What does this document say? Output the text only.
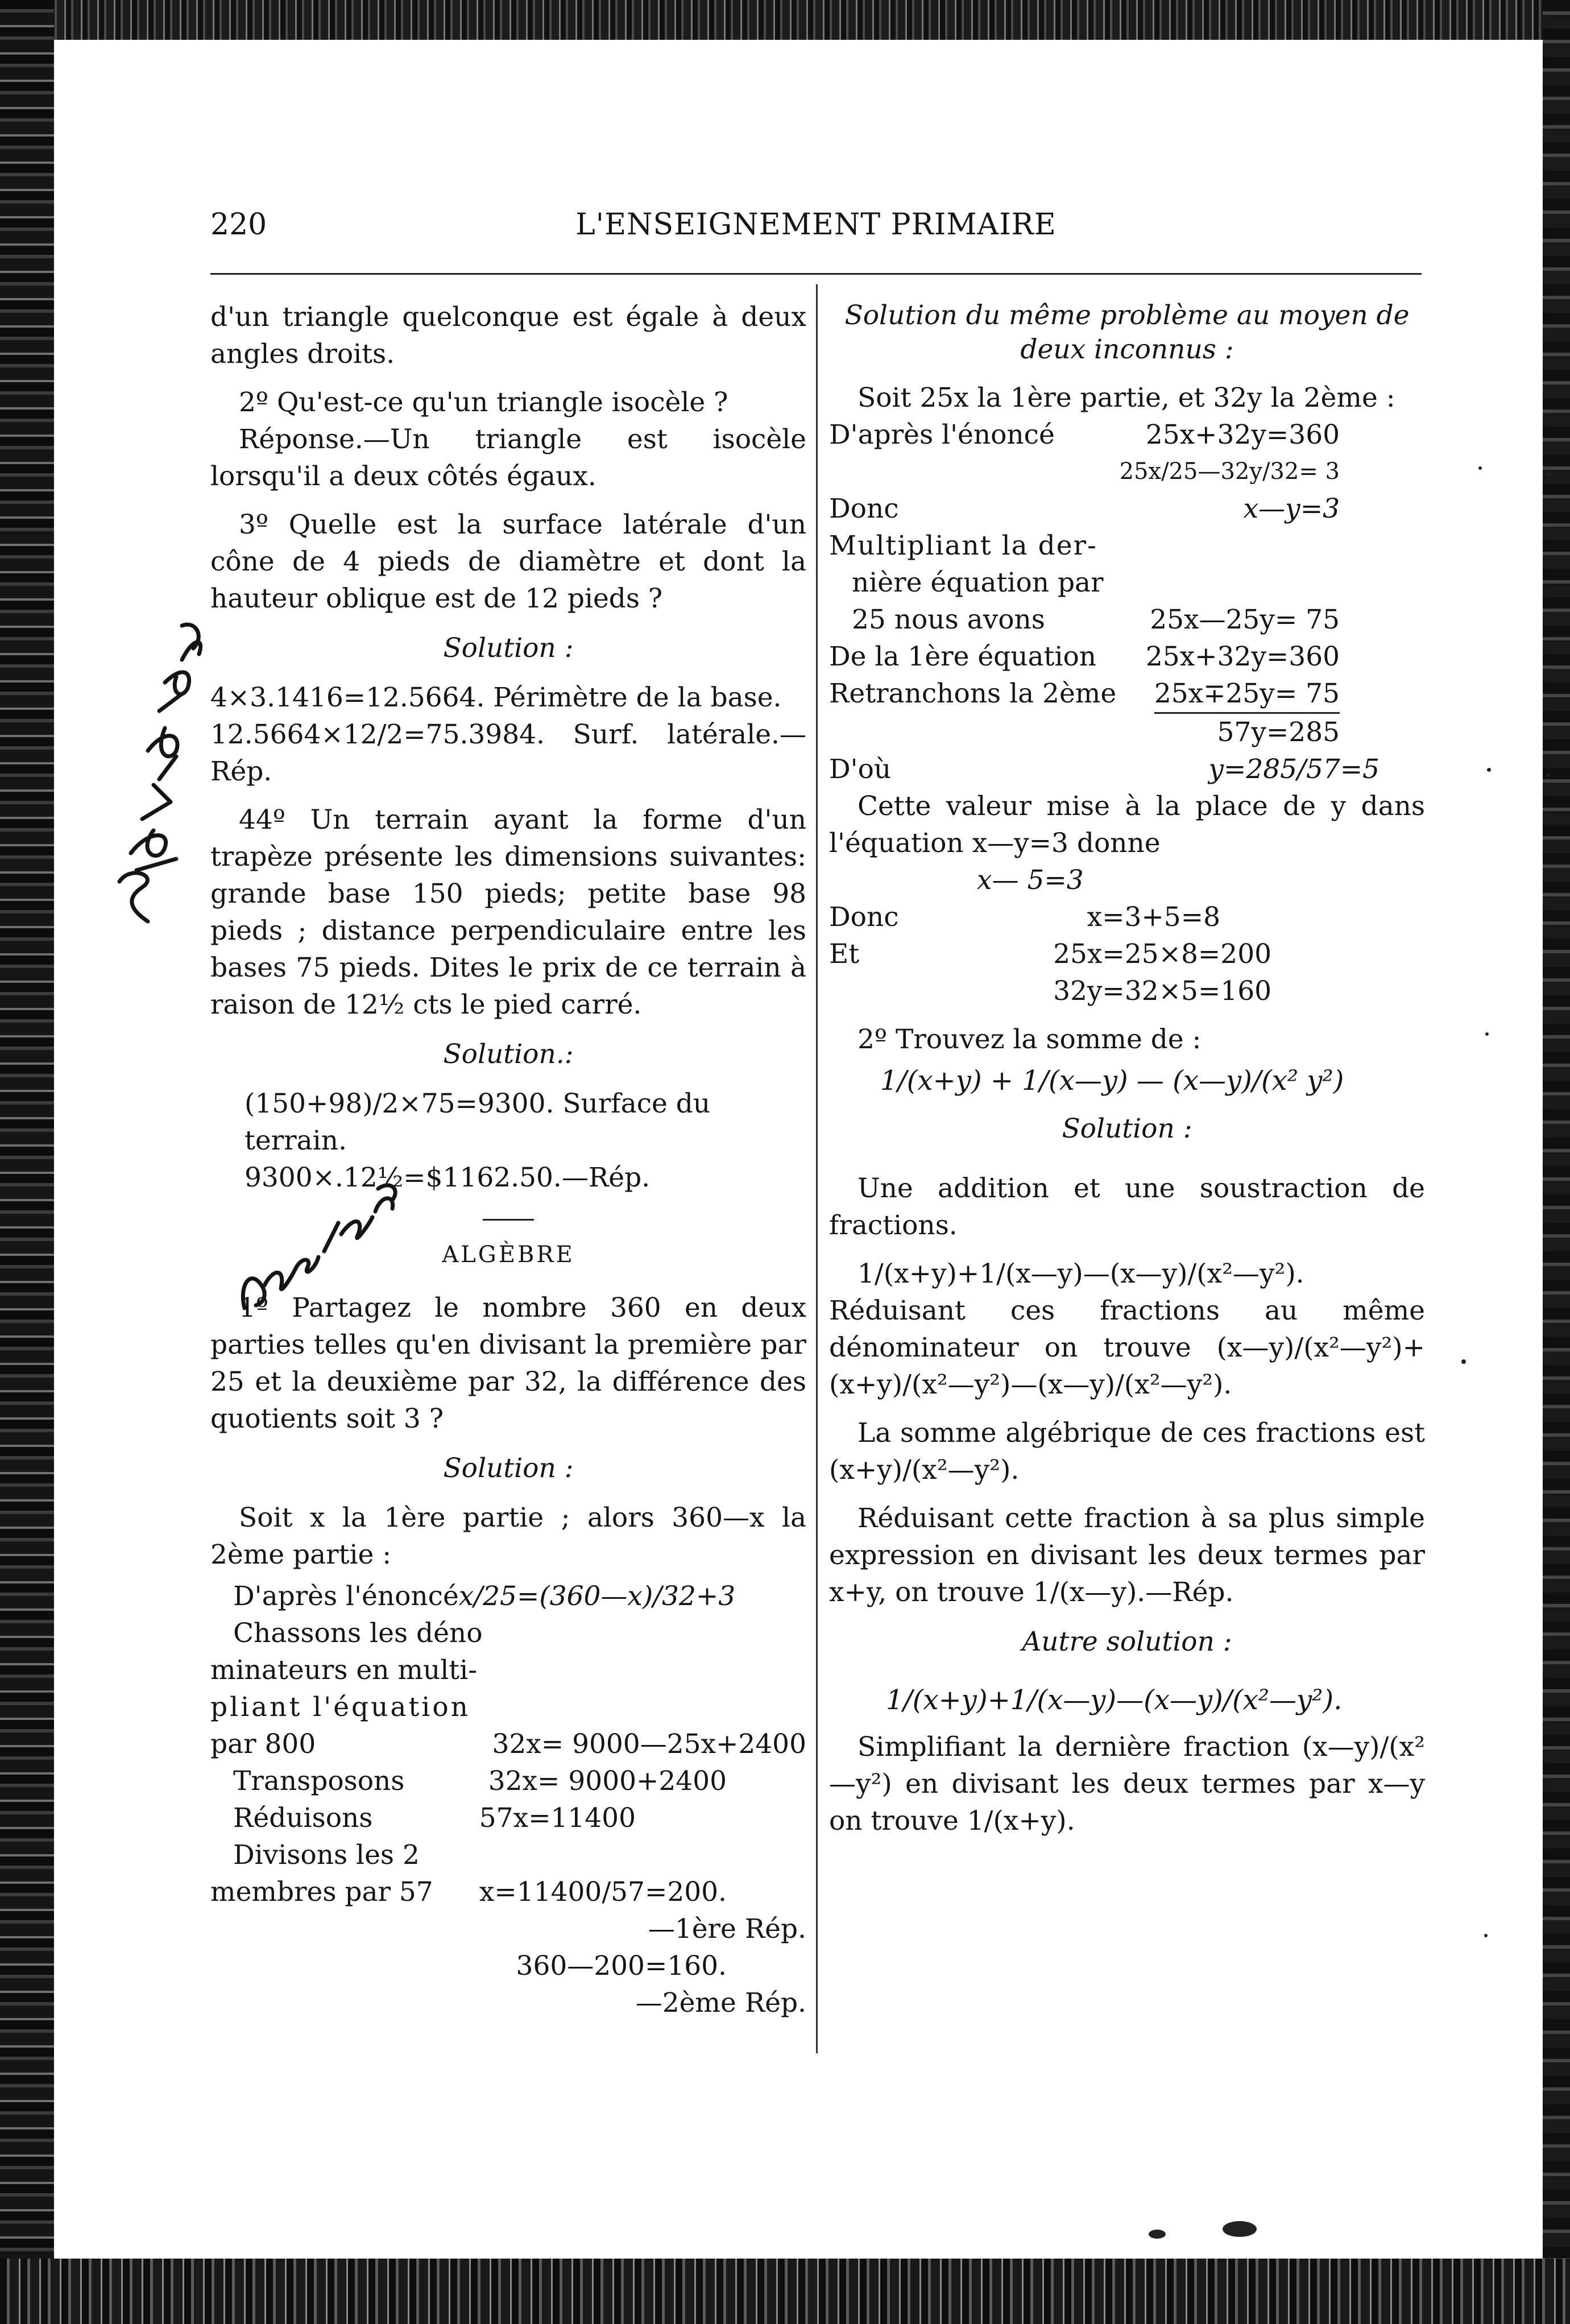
220	L'ENSEIGNEMENT PRIMAIRE

d'un triangle quelconque est égale à deux angles droits.

2º Qu'est-ce qu'un triangle isocèle ?

Réponse.—Un triangle est isocèle lorsqu'il a deux côtés égaux.

3º Quelle est la surface latérale d'un cône de 4 pieds de diamètre et dont la hauteur oblique est de 12 pieds ?

Solution :

4×3.1416=12.5664. Périmètre de la base.

12.5664×12/2=75.3984. Surf. latérale.—Rép.

44º Un terrain ayant la forme d'un trapèze présente les dimensions suivantes: grande base 150 pieds; petite base 98 pieds ; distance perpendiculaire entre les bases 75 pieds. Dites le prix de ce terrain à raison de 12½ cts le pied carré.

Solution.:

(150+98)/2×75=9300. Surface du terrain.

9300×.12½=$1162.50.—Rép.

ALGÈBRE

1º Partagez le nombre 360 en deux parties telles qu'en divisant la première par 25 et la deuxième par 32, la différence des quotients soit 3 ?

Solution :

Soit x la 1ère partie ; alors 360—x la 2ème partie :

D'après l'énoncé x/25=(360—x)/32+3
Chassons les déno
minateurs en multi-
pliant l'équation
par 800	32x= 9000—25x+2400
Transposons	32x= 9000+2400
Réduisons	57x=11400
Divisons les 2
membres par 57 x=11400/57=200.
—1ère Rép.
360—200=160.
—2ème Rép.
Solution du même problème au moyen de deux inconnus :

Soit 25x la 1ère partie, et 32y la 2ème :

D'après l'énoncé	25x+32y=360
25x/25—32y/32= 3
Donc	x—y=3
Multipliant la der-
nière équation par
25 nous avons	25x—25y= 75
De la 1ère équation 25x+32y=360
Retranchons la 2ème 25x∓25y= 75
57y=285
D'où	y=285/57=5

Cette valeur mise à la place de y dans l'équation x—y=3 donne

x— 5=3
Donc	x=3+5=8
Et	25x=25×8=200
32y=32×5=160

2º Trouvez la somme de :

1/(x+y) + 1/(x—y) — (x—y)/(x² y²)
Solution :

Une addition et une soustraction de fractions.

1/(x+y)+1/(x—y)—(x—y)/(x²—y²). Réduisant ces fractions au même dénominateur on trouve (x—y)/(x²—y²)+(x+y)/(x²—y²)—(x—y)/(x²—y²).

La somme algébrique de ces fractions est (x+y)/(x²—y²).

Réduisant cette fraction à sa plus simple expression en divisant les deux termes par x+y, on trouve 1/(x—y).—Rép.

Autre solution :
1/(x+y)+1/(x—y)—(x—y)/(x²—y²).

Simplifiant la dernière fraction (x—y)/(x²—y²) en divisant les deux termes par x—y on trouve 1/(x+y).
